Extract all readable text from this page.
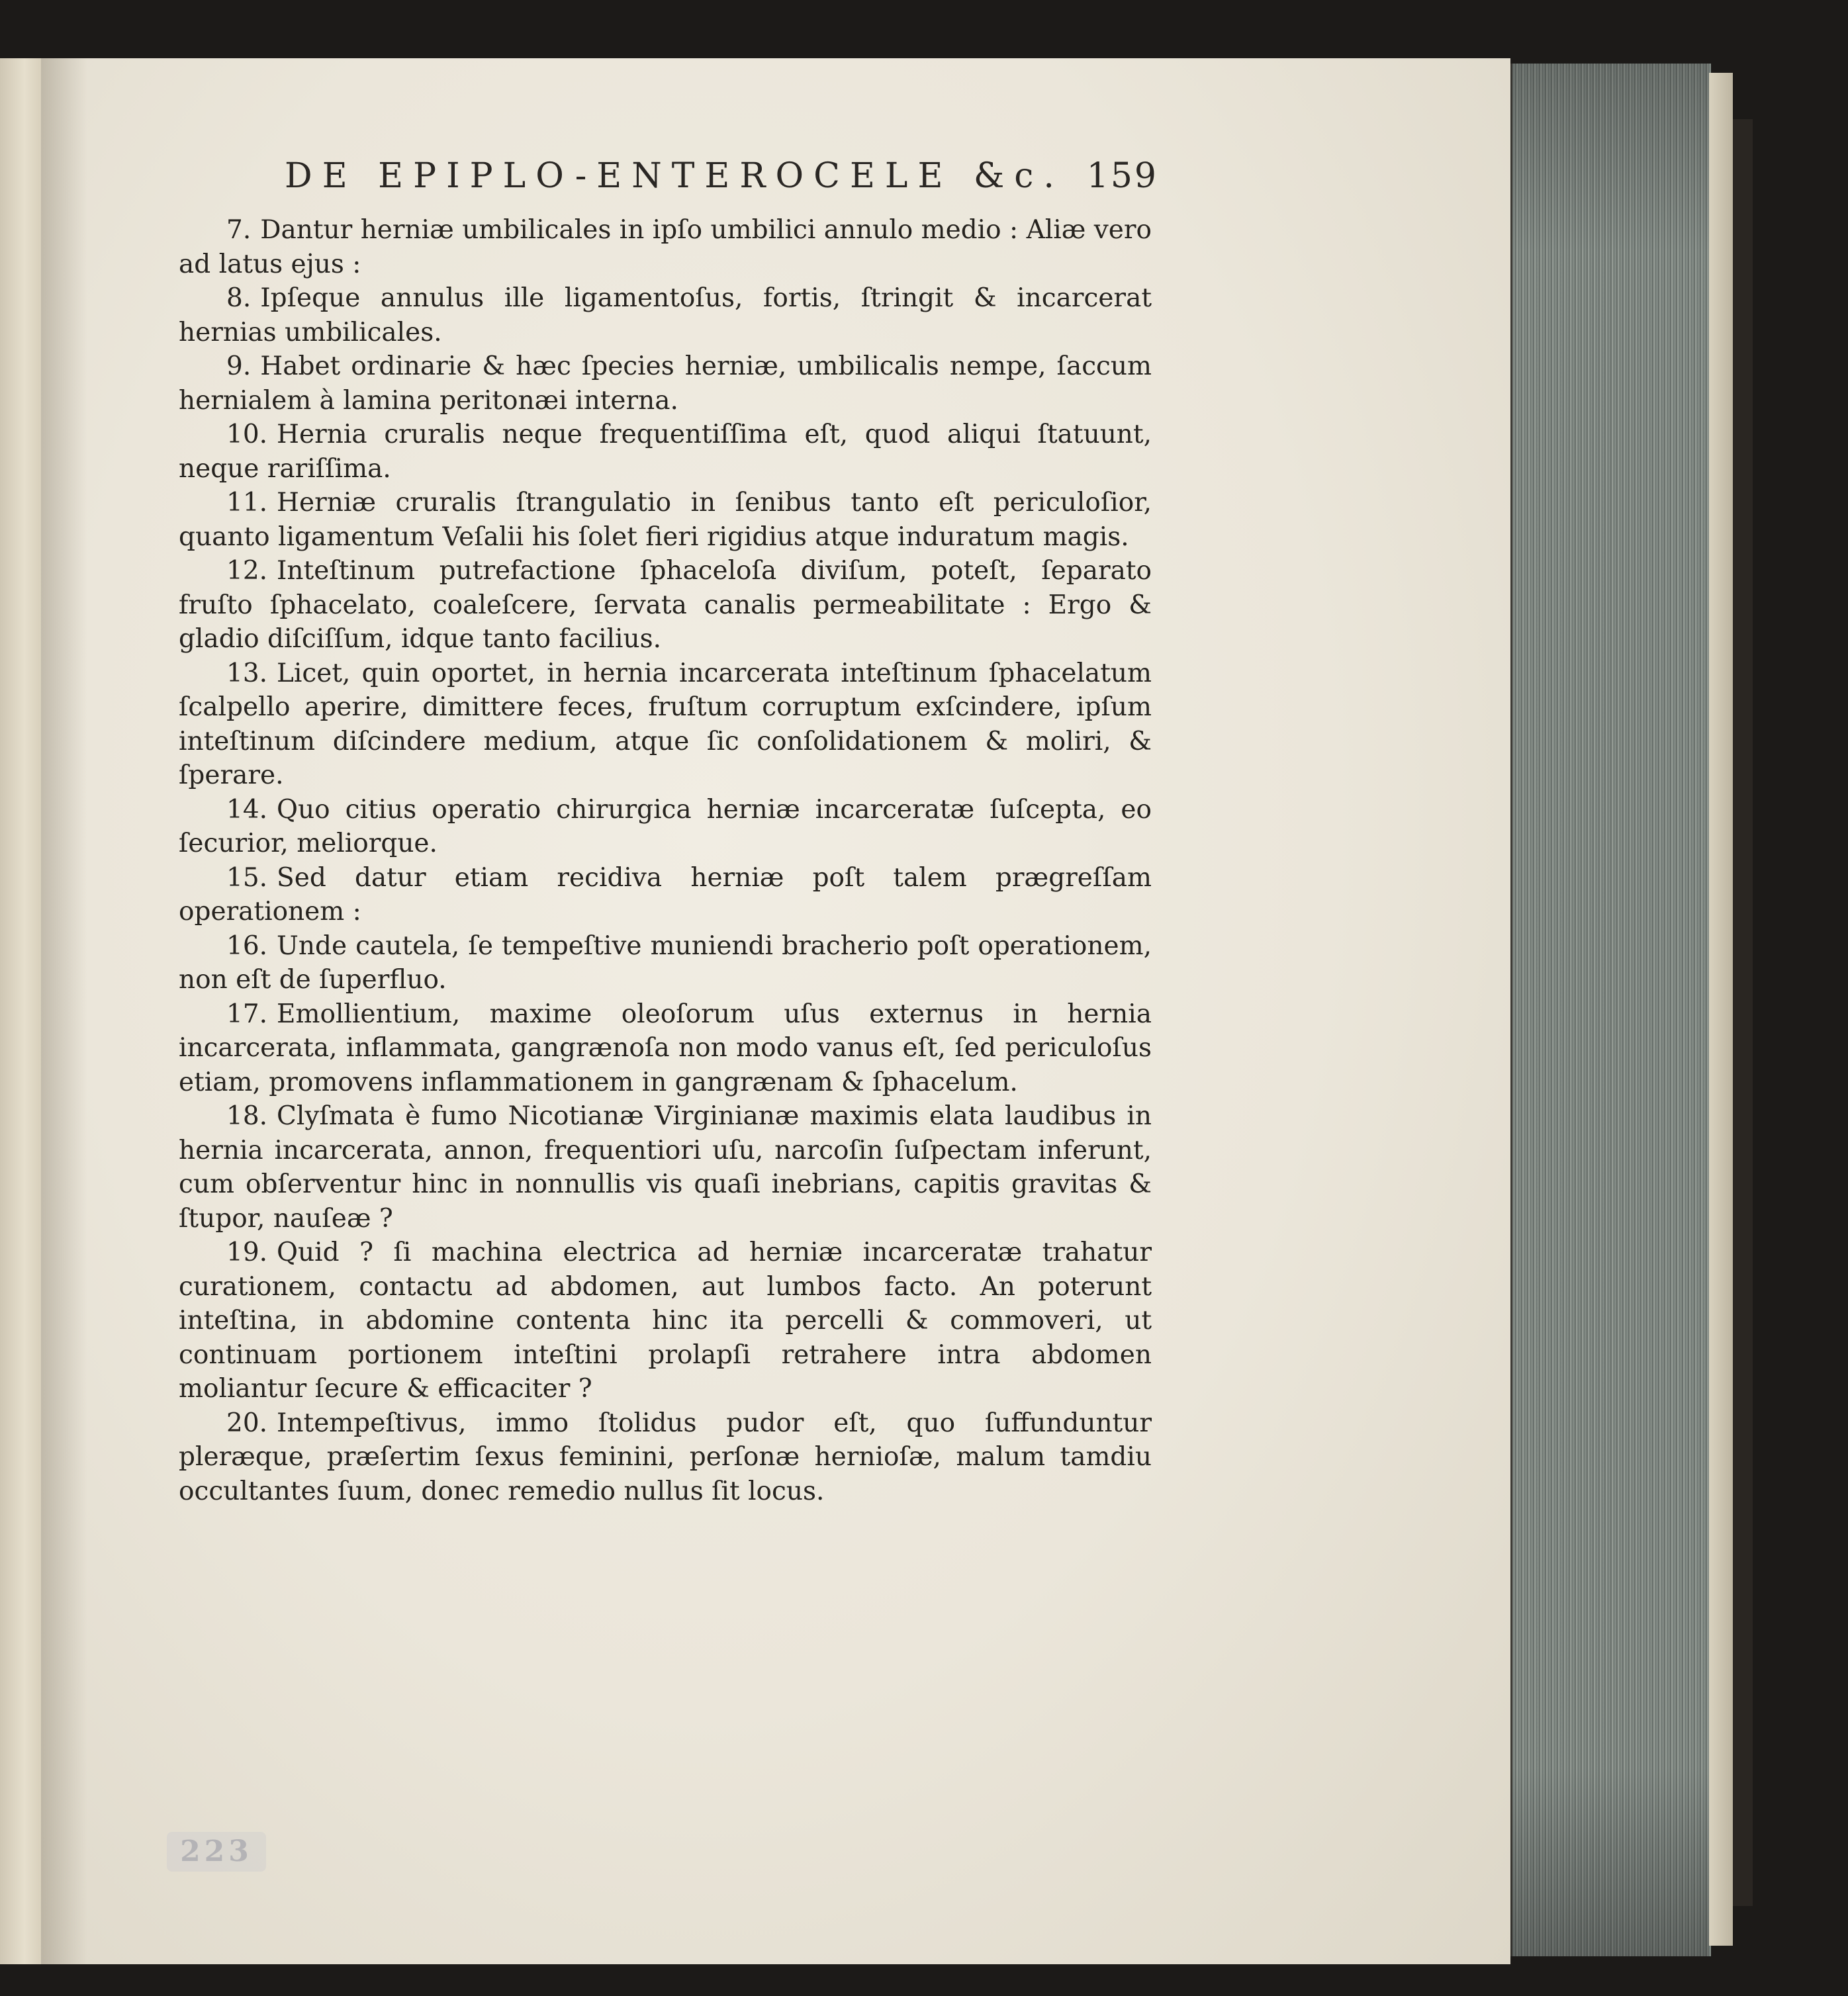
DE EPIPLO-ENTEROCELE &c. 159

7. Dantur herniæ umbilicales in ipſo umbilici annulo medio : Aliæ vero ad latus ejus :

8. Ipſeque annulus ille ligamentoſus, fortis, ſtringit & incarcerat hernias umbilicales.

9. Habet ordinarie & hæc ſpecies herniæ, umbilicalis nempe, ſaccum hernialem à lamina peritonæi interna.

10. Hernia cruralis neque frequentiſſima eſt, quod aliqui ſtatuunt, neque rariſſima.

11. Herniæ cruralis ſtrangulatio in ſenibus tanto eſt periculoſior, quanto ligamentum Veſalii his ſolet fieri rigidius atque induratum magis.

12. Inteſtinum putrefactione ſphaceloſa diviſum, poteſt, ſeparato fruſto ſphacelato, coaleſcere, ſervata canalis permeabilitate : Ergo & gladio diſciſſum, idque tanto facilius.

13. Licet, quin oportet, in hernia incarcerata inteſtinum ſphacelatum ſcalpello aperire, dimittere feces, fruſtum corruptum exſcindere, ipſum inteſtinum diſcindere medium, atque ſic conſolidationem & moliri, & ſperare.

14. Quo citius operatio chirurgica herniæ incarceratæ ſuſcepta, eo ſecurior, meliorque.

15. Sed datur etiam recidiva herniæ poſt talem prægreſſam operationem :

16. Unde cautela, ſe tempeſtive muniendi bracherio poſt operationem, non eſt de ſuperfluo.

17. Emollientium, maxime oleoſorum uſus externus in hernia incarcerata, inflammata, gangrænoſa non modo vanus eſt, ſed periculoſus etiam, promovens inflammationem in gangrænam & ſphacelum.

18. Clyſmata è fumo Nicotianæ Virginianæ maximis elata laudibus in hernia incarcerata, annon, frequentiori uſu, narcoſin ſuſpectam inferunt, cum obſerventur hinc in nonnullis vis quaſi inebrians, capitis gravitas & ſtupor, nauſeæ ?

19. Quid ? ſi machina electrica ad herniæ incarceratæ trahatur curationem, contactu ad abdomen, aut lumbos facto. An poterunt inteſtina, in abdomine contenta hinc ita percelli & commoveri, ut continuam portionem inteſtini prolapſi retrahere intra abdomen moliantur ſecure & efficaciter ?

20. Intempeſtivus, immo ſtolidus pudor eſt, quo ſuffunduntur pleræque, præſertim ſexus feminini, perſonæ hernioſæ, malum tamdiu occultantes ſuum, donec remedio nullus ſit locus.

223
